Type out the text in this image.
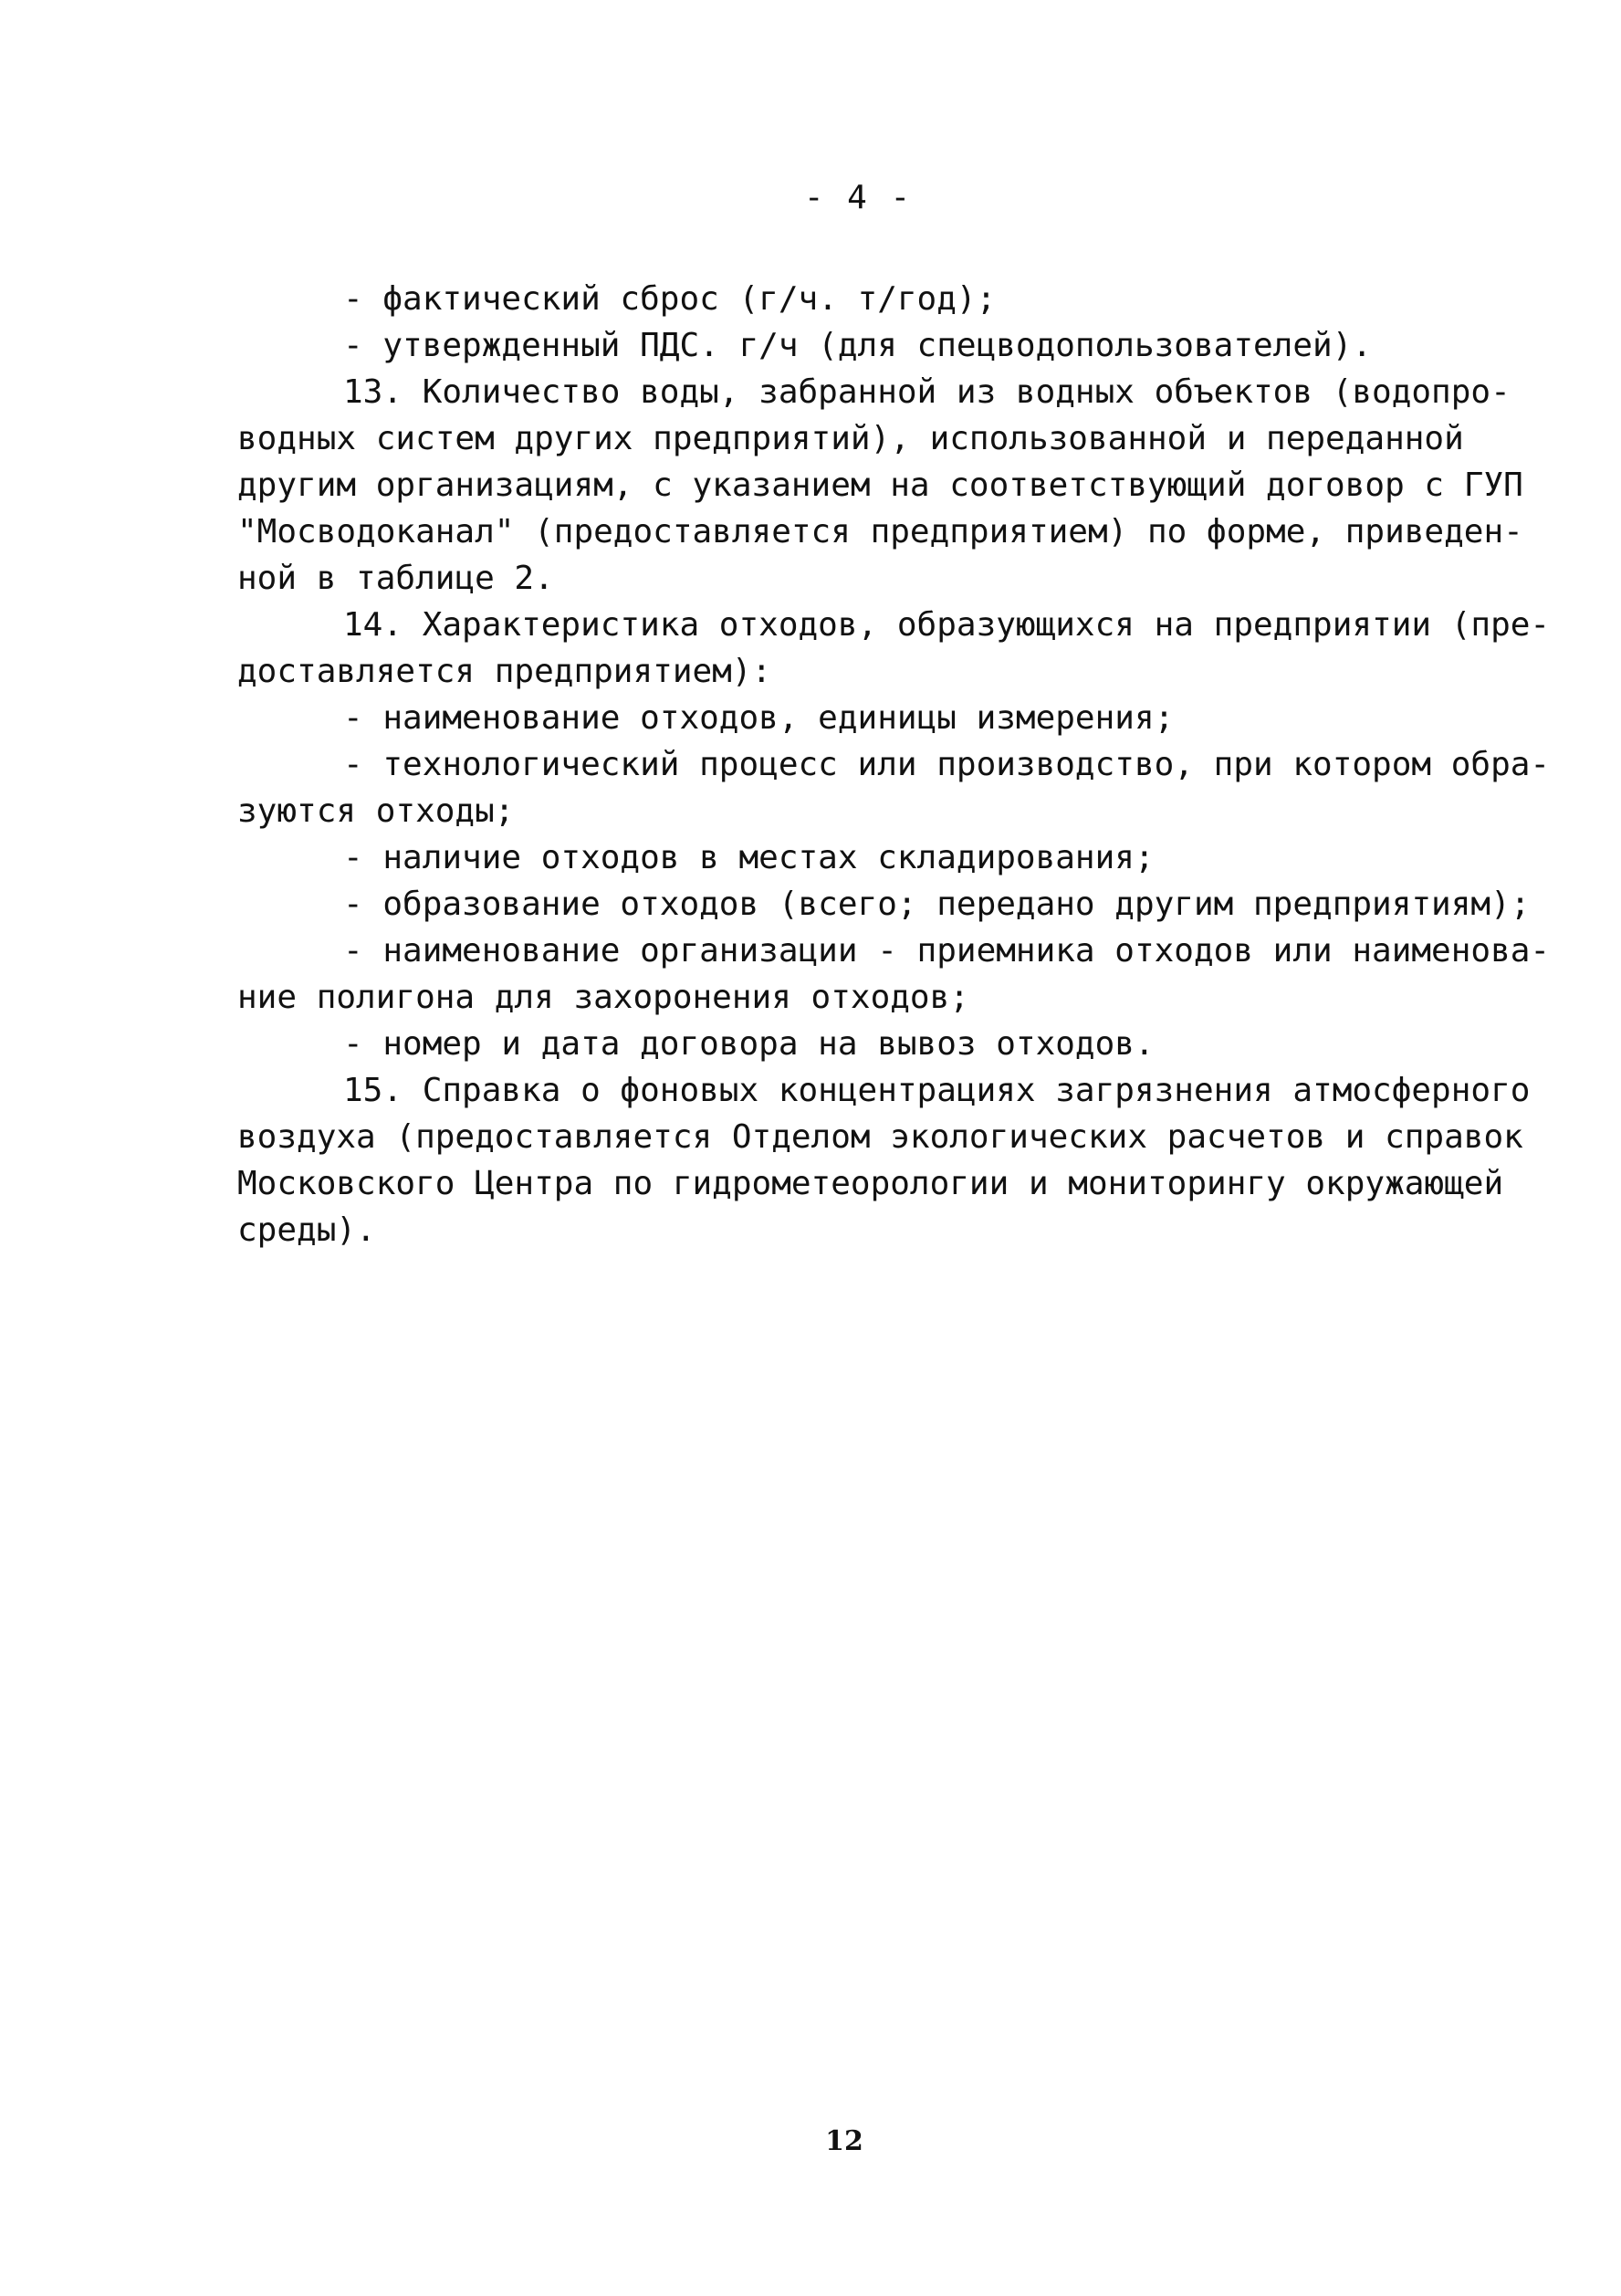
- 4 -
- фактический сброс (г/ч. т/год);
- утвержденный ПДС. г/ч (для спецводопользователей).
13. Количество воды, забранной из водных объектов (водопро-
водных систем других предприятий), использованной и переданной
другим организациям, с указанием на соответствующий договор с ГУП
"Мосводоканал" (предоставляется предприятием) по форме, приведен-
ной в таблице 2.
14. Характеристика отходов, образующихся на предприятии (пре-
доставляется предприятием):
- наименование отходов, единицы измерения;
- технологический процесс или производство, при котором обра-
зуются отходы;
- наличие отходов в местах складирования;
- образование отходов (всего; передано другим предприятиям);
- наименование организации - приемника отходов или наименова-
ние полигона для захоронения отходов;
- номер и дата договора на вывоз отходов.
15. Справка о фоновых концентрациях загрязнения атмосферного
воздуха (предоставляется Отделом экологических расчетов и справок
Московского Центра по гидрометеорологии и мониторингу окружающей
среды).
12
